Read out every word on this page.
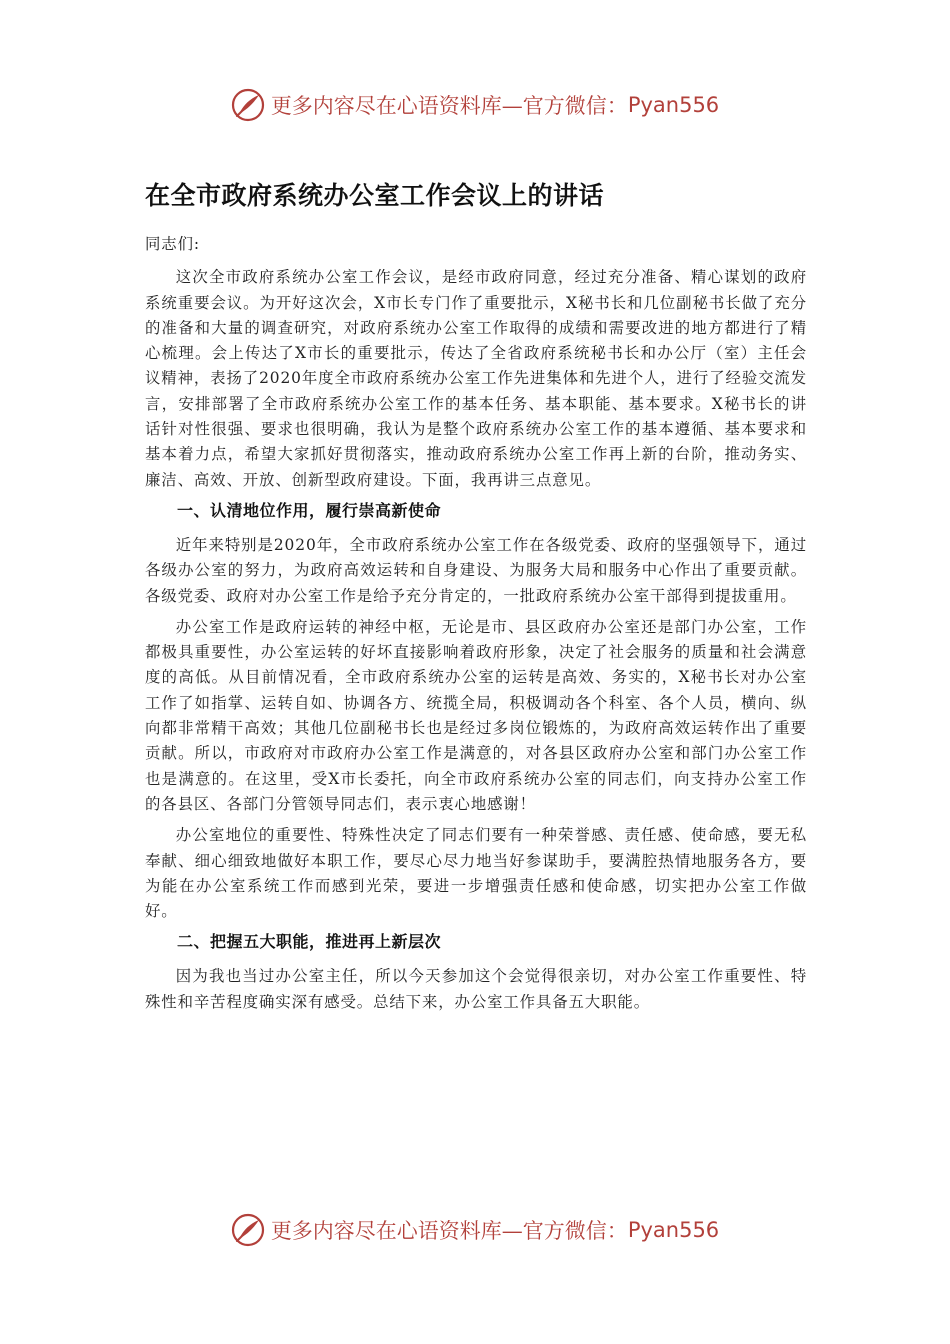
更多内容尽在心语资料库—官方微信： Pyan556
在全市政府系统办公室工作会议上的讲话

同志们:

这次全市政府系统办公室工作会议，是经市政府同意，经过充分准备、精心谋划的政府系统重要会议。为开好这次会，X市长专门作了重要批示，X秘书长和几位副秘书长做了充分的准备和大量的调查研究，对政府系统办公室工作取得的成绩和需要改进的地方都进行了精心梳理。会上传达了X市长的重要批示，传达了全省政府系统秘书长和办公厅（室）主任会议精神，表扬了2020年度全市政府系统办公室工作先进集体和先进个人，进行了经验交流发言，安排部署了全市政府系统办公室工作的基本任务、基本职能、基本要求。X秘书长的讲话针对性很强、要求也很明确，我认为是整个政府系统办公室工作的基本遵循、基本要求和基本着力点，希望大家抓好贯彻落实，推动政府系统办公室工作再上新的台阶，推动务实、廉洁、高效、开放、创新型政府建设。下面，我再讲三点意见。

一、认清地位作用，履行崇高新使命

近年来特别是2020年，全市政府系统办公室工作在各级党委、政府的坚强领导下，通过各级办公室的努力，为政府高效运转和自身建设、为服务大局和服务中心作出了重要贡献。各级党委、政府对办公室工作是给予充分肯定的，一批政府系统办公室干部得到提拔重用。

办公室工作是政府运转的神经中枢，无论是市、县区政府办公室还是部门办公室，工作都极具重要性，办公室运转的好坏直接影响着政府形象，决定了社会服务的质量和社会满意度的高低。从目前情况看，全市政府系统办公室的运转是高效、务实的，X秘书长对办公室工作了如指掌、运转自如、协调各方、统揽全局，积极调动各个科室、各个人员，横向、纵向都非常精干高效；其他几位副秘书长也是经过多岗位锻炼的，为政府高效运转作出了重要贡献。所以，市政府对市政府办公室工作是满意的，对各县区政府办公室和部门办公室工作也是满意的。在这里，受X市长委托，向全市政府系统办公室的同志们，向支持办公室工作的各县区、各部门分管领导同志们，表示衷心地感谢！

办公室地位的重要性、特殊性决定了同志们要有一种荣誉感、责任感、使命感，要无私奉献、细心细致地做好本职工作，要尽心尽力地当好参谋助手，要满腔热情地服务各方，要为能在办公室系统工作而感到光荣，要进一步增强责任感和使命感，切实把办公室工作做好。

二、把握五大职能，推进再上新层次

因为我也当过办公室主任，所以今天参加这个会觉得很亲切，对办公室工作重要性、特殊性和辛苦程度确实深有感受。总结下来，办公室工作具备五大职能。

更多内容尽在心语资料库—官方微信： Pyan556
